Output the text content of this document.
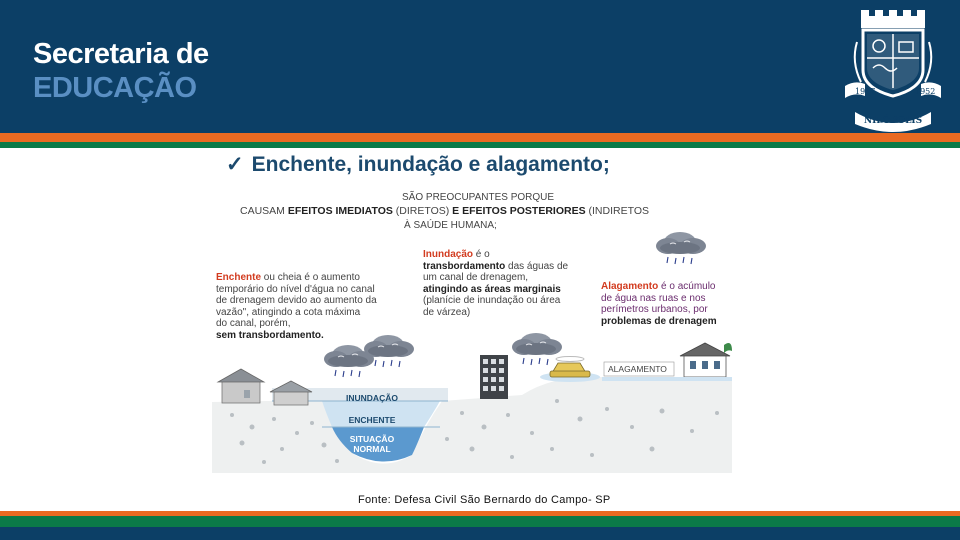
Secretaria de
EDUCAÇÃO	1947	1952
NILÓPOLIS
✓ Enchente, inundação e alagamento;
SÃO PREOCUPANTES PORQUE
CAUSAM EFEITOS IMEDIATOS (DIRETOS) E EFEITOS POSTERIORES (INDIRETOS
À SAÚDE HUMANA;
Enchente ou cheia é o aumento
temporário do nível d'água no canal
de drenagem devido ao aumento da
vazão", atingindo a cota máxima
do canal, porém,
sem transbordamento.
Inundação é o
transbordamento das águas de
um canal de drenagem,
atingindo as áreas marginais
(planície de inundação ou área
de várzea)
Alagamento é o acúmulo
de água nas ruas e nos
perímetros urbanos, por
problemas de drenagem
INUNDAÇÃO
ENCHENTE
SITUAÇÃO
NORMAL
ALAGAMENTO
Fonte: Defesa Civil São Bernardo do Campo- SP
